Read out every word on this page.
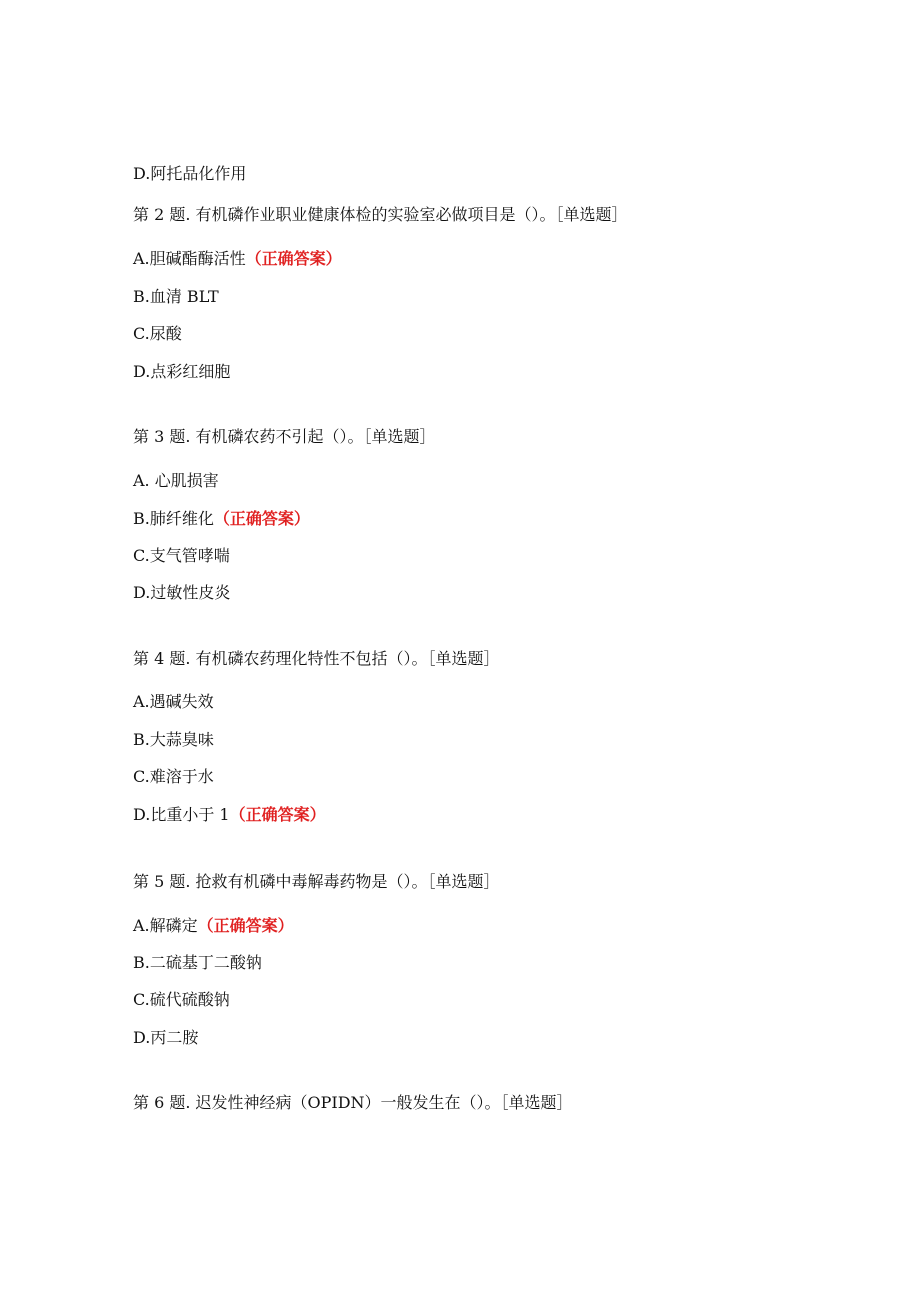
D.阿托品化作用
第 2 题. 有机磷作业职业健康体检的实验室必做项目是（）。［单选题］
A.胆碱酯酶活性（正确答案）
B.血清 BLT
C.尿酸
D.点彩红细胞
第 3 题. 有机磷农药不引起（）。［单选题］
A. 心肌损害
B.肺纤维化（正确答案）
C.支气管哮喘
D.过敏性皮炎
第 4 题. 有机磷农药理化特性不包括（）。［单选题］
A.遇碱失效
B.大蒜臭味
C.难溶于水
D.比重小于 1（正确答案）
第 5 题. 抢救有机磷中毒解毒药物是（）。［单选题］
A.解磷定（正确答案）
B.二硫基丁二酸钠
C.硫代硫酸钠
D.丙二胺
第 6 题. 迟发性神经病（OPIDN）一般发生在（）。［单选题］
